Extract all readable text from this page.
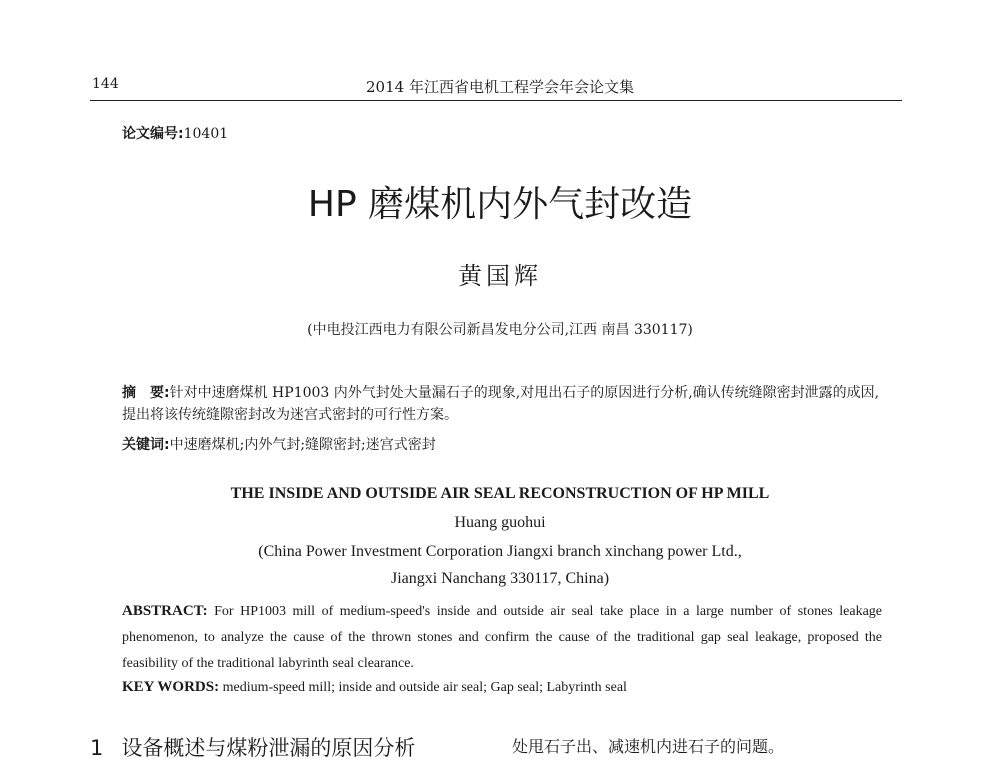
144	2014 年江西省电机工程学会年会论文集
论文编号:10401
HP 磨煤机内外气封改造
黄国辉
(中电投江西电力有限公司新昌发电分公司,江西 南昌 330117)
摘　要:针对中速磨煤机 HP1003 内外气封处大量漏石子的现象,对甩出石子的原因进行分析,确认传统缝隙密封泄露的成因,提出将该传统缝隙密封改为迷宫式密封的可行性方案。
关键词:中速磨煤机;内外气封;缝隙密封;迷宫式密封
THE INSIDE AND OUTSIDE AIR SEAL RECONSTRUCTION OF HP MILL
Huang guohui
(China Power Investment Corporation Jiangxi branch xinchang power Ltd.,
Jiangxi Nanchang 330117, China)
ABSTRACT: For HP1003 mill of medium-speed's inside and outside air seal take place in a large number of stones leakage phenomenon, to analyze the cause of the thrown stones and confirm the cause of the traditional gap seal leakage, proposed the feasibility of the traditional labyrinth seal clearance.
KEY WORDS: medium-speed mill; inside and outside air seal; Gap seal; Labyrinth seal
1 设备概述与煤粉泄漏的原因分析	处甩石子出、减速机内进石子的问题。
